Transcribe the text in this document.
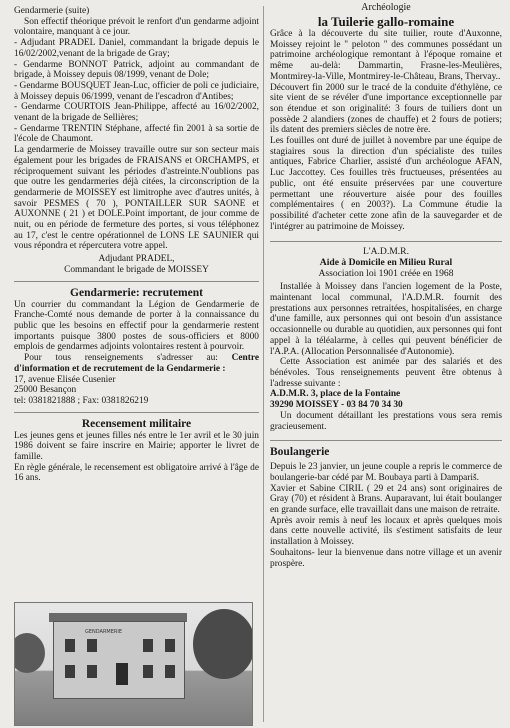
Gendarmerie (suite)

Son effectif théorique prévoit le renfort d'un gendarme adjoint volontaire, manquant à ce jour.

- Adjudant PRADEL Daniel, commandant la brigade depuis le 16/02/2002,venant de la brigade de Gray;

- Gendarme BONNOT Patrick, adjoint au commandant de brigade, à Moissey depuis 08/1999, venant de Dole;

- Gendarme BOUSQUET Jean-Luc, officier de poli ce judiciaire, à Moissey depuis 06/1999, venant de l'escadron d'Antibes;

- Gendarme COURTOIS Jean-Philippe, affecté au 16/02/2002, venant de la brigade de Sellières;

- Gendarme TRENTIN Stéphane, affecté fin 2001 à sa sortie de l'école de Chaumont.

La gendarmerie de Moissey travaille outre sur son secteur mais également pour les brigades de FRAISANS et ORCHAMPS, et réciproquement suivant les périodes d'astreinte.N'oublions pas que outre les gendarmeries déjà citées, la circonscription de la gendarmerie de MOISSEY est limitrophe avec d'autres unités, à savoir PESMES ( 70 ), PONTAILLER SUR SAONE et AUXONNE ( 21 ) et DOLE.Point important, de jour comme de nuit, ou en période de fermeture des portes, si vous téléphonez au 17, c'est le centre opérationnel de LONS LE SAUNIER qui vous répondra et répercutera votre appel.

Adjudant PRADEL,

Commandant le brigade de MOISSEY

Gendarmerie: recrutement

Un courrier du commandant la Légion de Gendarmerie de Franche-Comté nous demande de porter à la connaissance du public que les besoins en effectif pour la gendarmerie restent importants puisque 3800 postes de sous-officiers et 8000 emplois de gendarmes adjoints volontaires restent à pourvoir.

Pour tous renseignements s'adresser au: Centre d'information et de recrutement de la Gendarmerie :

17, avenue Elisée Cusenier

25000 Besançon

tel: 0381821888 ; Fax: 0381826219

Recensement militaire

Les jeunes gens et jeunes filles nés entre le 1er avril et le 30 juin 1986 doivent se faire inscrire en Mairie; apporter le livret de famille.

En règle générale, le recensement est obligatoire arrivé à l'âge de 16 ans.

GENDARMERIE

Archéologie

la Tuilerie gallo-romaine

Grâce à la découverte du site tuilier, route d'Auxonne, Moissey rejoint le " peloton " des communes possédant un patrimoine archéologique remontant à l'époque romaine et même au-delà: Dammartin, Frasne-les-Meulières, Montmirey-la-Ville, Montmirey-le-Château, Brans, Thervay..

Découvert fin 2000 sur le tracé de la conduite d'éthylène, ce site vient de se révéler d'une importance exceptionnelle par son étendue et son originalité: 3 fours de tuiliers dont un possède 2 alandiers (zones de chauffe) et 2 fours de potiers; ils datent des premiers siècles de notre ère.

Les fouilles ont duré de juillet à novembre par une équipe de stagiaires sous la direction d'un spécialiste des tuiles antiques, Fabrice Charlier, assisté d'un archéologue AFAN, Luc Jaccottey. Ces fouilles très fructueuses, présentées au public, ont été ensuite préservées par une couverture permettant une réouverture aisée pour des fouilles complémentaires ( en 2003?). La Commune étudie la possibilité d'acheter cette zone afin de la sauvegarder et de l'intégrer au patrimoine de Moissey.

L'A.D.M.R.

Aide à Domicile en Milieu Rural

Association loi 1901 créée en 1968

Installée à Moissey dans l'ancien logement de la Poste, maintenant local communal, l'A.D.M.R. fournit des prestations aux personnes retraitées, hospitalisées, en charge d'une famille, aux personnes qui ont besoin d'un assistance occasionnelle ou durable au quotidien, aux personnes qui font appel à la téléalarme, à celles qui peuvent bénéficier de l'A.P.A. (Allocation Personnalisée d'Autonomie).

Cette Association est animée par des salariés et des bénévoles. Tous renseignements peuvent être obtenus à l'adresse suivante :

A.D.M.R. 3, place de la Fontaine

39290 MOISSEY - 03 84 70 34 30

Un document détaillant les prestations vous sera remis gracieusement.

Boulangerie

Depuis le 23 janvier, un jeune couple a repris le commerce de boulangerie-bar cédé par M. Boubaya parti à Dampariš.

Xavier et Sabine CIRIL ( 29 et 24 ans) sont originaires de Gray (70) et résident à Brans. Auparavant, lui était boulanger en grande surface, elle travaillait dans une maison de retraite.

Après avoir remis à neuf les locaux et après quelques mois dans cette nouvelle activité, ils s'estiment satisfaits de leur installation à Moissey.

Souhaitons- leur la bienvenue dans notre village et un avenir prospère.
